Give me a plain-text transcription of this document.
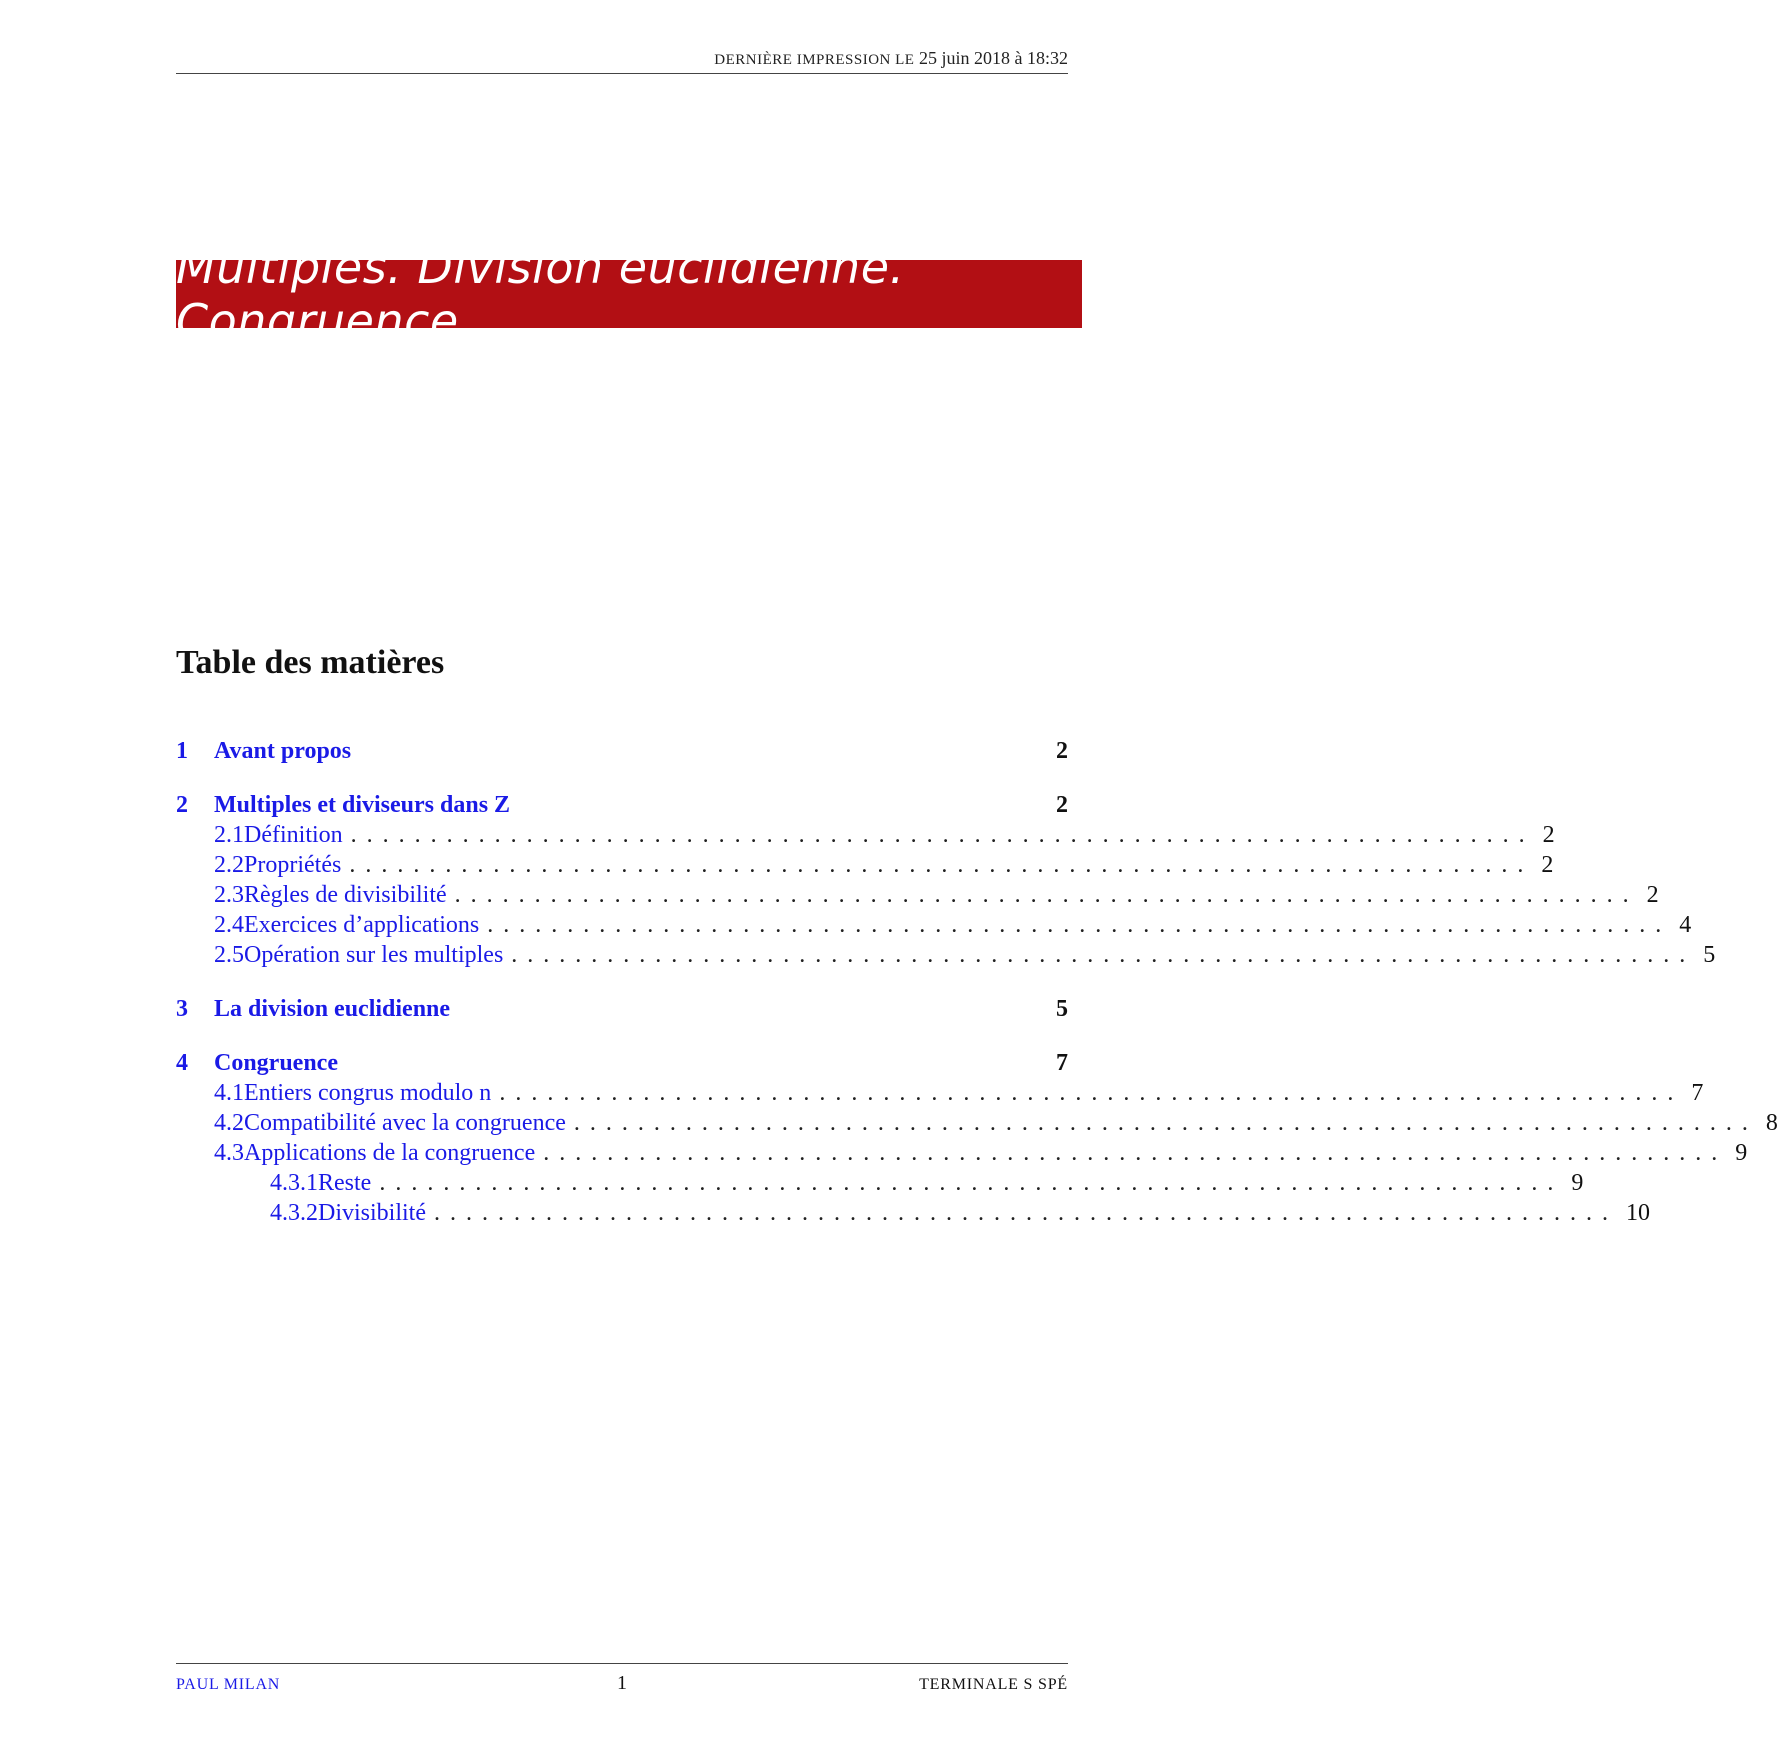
DERNIÈRE IMPRESSION LE 25 juin 2018 à 18:32
Multiples. Division euclidienne. Congruence
Table des matières
1	Avant propos	2
2	Multiples et diviseurs dans Z	2
2.1 Définition .......................................................................... 2
2.2 Propriétés .......................................................................... 2
2.3 Règles de divisibilité .......................................................................... 2
2.4 Exercices d’applications .......................................................................... 4
2.5 Opération sur les multiples .......................................................................... 5
3	La division euclidienne	5
4	Congruence	7
4.1 Entiers congrus modulo n .......................................................................... 7
4.2 Compatibilité avec la congruence .......................................................................... 8
4.3 Applications de la congruence .......................................................................... 9
4.3.1 Reste .......................................................................... 9
4.3.2 Divisibilité .......................................................................... 10
PAUL MILAN	1	TERMINALE S SPÉ
